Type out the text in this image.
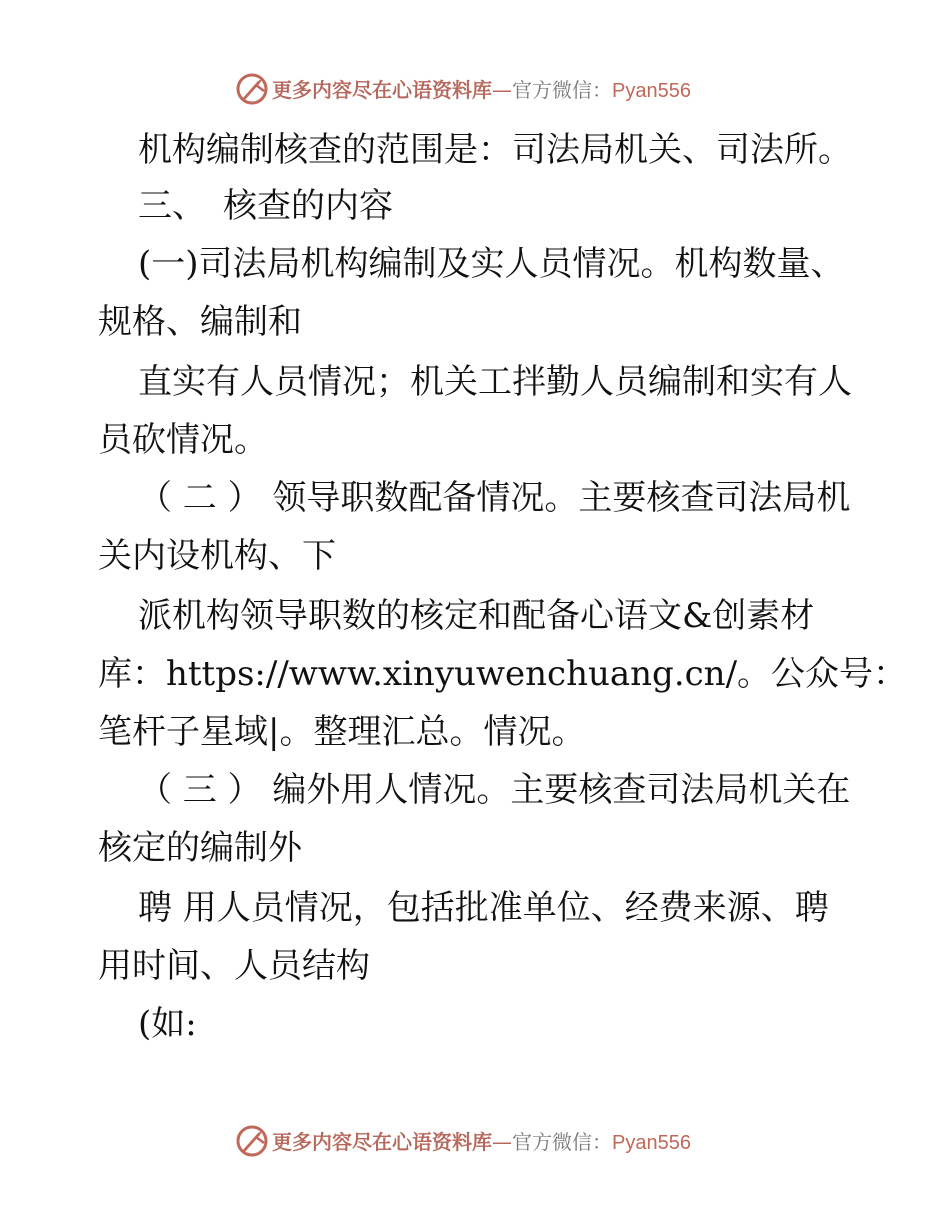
更多内容尽在心语资料库—官方微信：Pyan556
机构编制核查的范围是：司法局机关、司法所。
三、　核查的内容
(一)司法局机构编制及实人员情况。机构数量、
规格、编制和
直实有人员情况；机关工拌勤人员编制和实有人
员砍情况。
（ 二 ） 领导职数配备情况。主要核查司法局机
关内设机构、下
派机构领导职数的核定和配备心语文&创素材
库：https://www.xinyuwenchuang.cn/。公众号：
笔杆子星域|。整理汇总。情况。
（ 三 ） 编外用人情况。主要核查司法局机关在
核定的编制外
聘 用人员情况，包括批准单位、经费来源、聘
用时间、人员结构
(如:
更多内容尽在心语资料库—官方微信：Pyan556
